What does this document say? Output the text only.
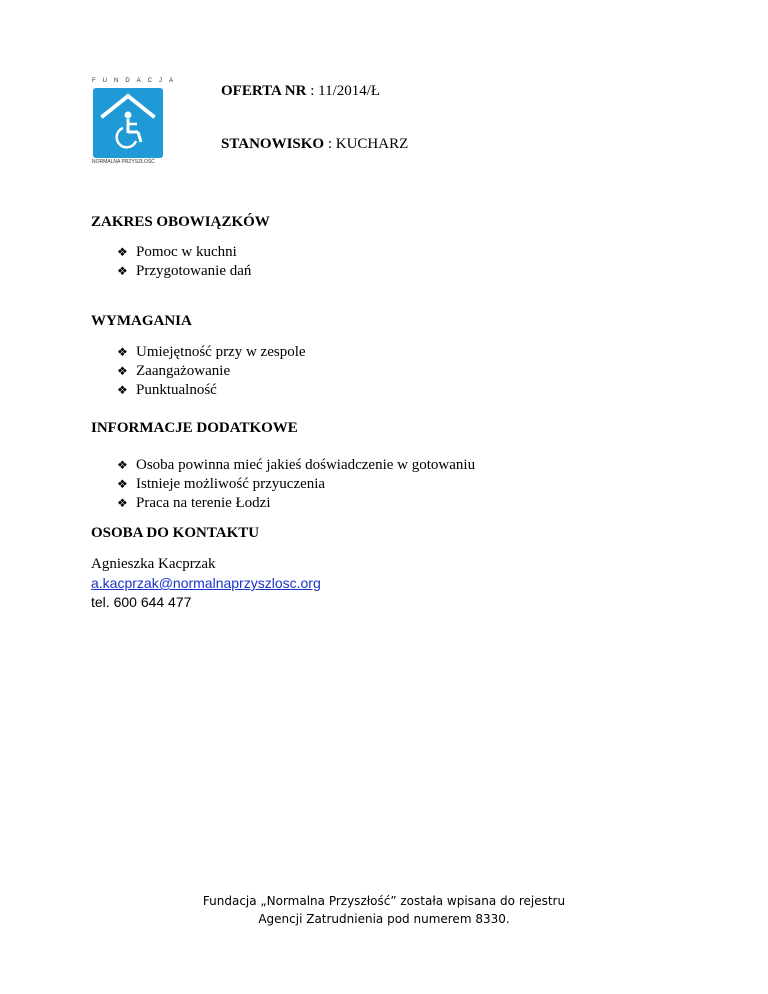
FUNDACJA
NORMALNA PRZYSZŁOŚĆ
OFERTA NR : 11/2014/Ł
STANOWISKO : KUCHARZ
ZAKRES OBOWIĄZKÓW
❖ Pomoc w kuchni
❖ Przygotowanie dań
WYMAGANIA
❖ Umiejętność przy w zespole
❖ Zaangażowanie
❖ Punktualność
INFORMACJE DODATKOWE
❖ Osoba powinna mieć jakieś doświadczenie w gotowaniu
❖ Istnieje możliwość przyuczenia
❖ Praca na terenie Łodzi
OSOBA DO KONTAKTU
Agnieszka Kacprzak
a.kacprzak@normalnaprzyszlosc.org
tel. 600 644 477
Fundacja „Normalna Przyszłość” została wpisana do rejestru
Agencji Zatrudnienia pod numerem 8330.
